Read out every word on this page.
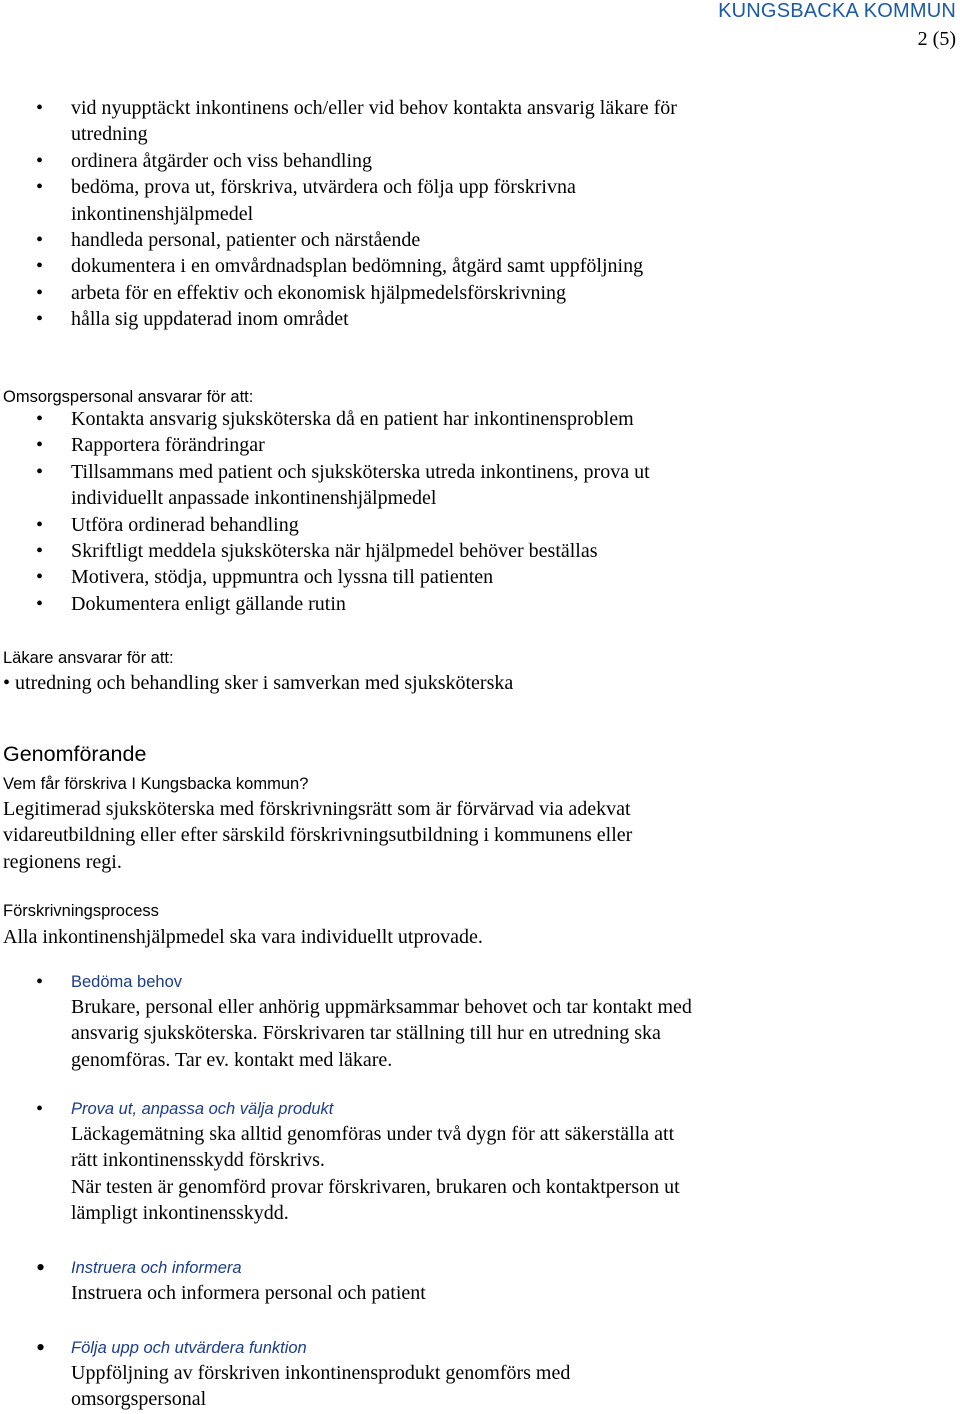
KUNGSBACKA KOMMUN
2 (5)
• vid nyupptäckt inkontinens och/eller vid behov kontakta ansvarig läkare för
utredning
• ordinera åtgärder och viss behandling
• bedöma, prova ut, förskriva, utvärdera och följa upp förskrivna
inkontinenshjälpmedel
• handleda personal, patienter och närstående
• dokumentera i en omvårdnadsplan bedömning, åtgärd samt uppföljning
• arbeta för en effektiv och ekonomisk hjälpmedelsförskrivning
• hålla sig uppdaterad inom området
Omsorgspersonal ansvarar för att:
• Kontakta ansvarig sjuksköterska då en patient har inkontinensproblem
• Rapportera förändringar
• Tillsammans med patient och sjuksköterska utreda inkontinens, prova ut
individuellt anpassade inkontinenshjälpmedel
• Utföra ordinerad behandling
• Skriftligt meddela sjuksköterska när hjälpmedel behöver beställas
• Motivera, stödja, uppmuntra och lyssna till patienten
• Dokumentera enligt gällande rutin
Läkare ansvarar för att:
• utredning och behandling sker i samverkan med sjuksköterska
Genomförande
Vem får förskriva I Kungsbacka kommun?
Legitimerad sjuksköterska med förskrivningsrätt som är förvärvad via adekvat
vidareutbildning eller efter särskild förskrivningsutbildning i kommunens eller
regionens regi.
Förskrivningsprocess
Alla inkontinenshjälpmedel ska vara individuellt utprovade.
• Bedöma behov
Brukare, personal eller anhörig uppmärksammar behovet och tar kontakt med
ansvarig sjuksköterska. Förskrivaren tar ställning till hur en utredning ska
genomföras. Tar ev. kontakt med läkare.
• Prova ut, anpassa och välja produkt
Läckagemätning ska alltid genomföras under två dygn för att säkerställa att
rätt inkontinensskydd förskrivs.
När testen är genomförd provar förskrivaren, brukaren och kontaktperson ut
lämpligt inkontinensskydd.
• Instruera och informera
Instruera och informera personal och patient
• Följa upp och utvärdera funktion
Uppföljning av förskriven inkontinensprodukt genomförs med
omsorgspersonal
